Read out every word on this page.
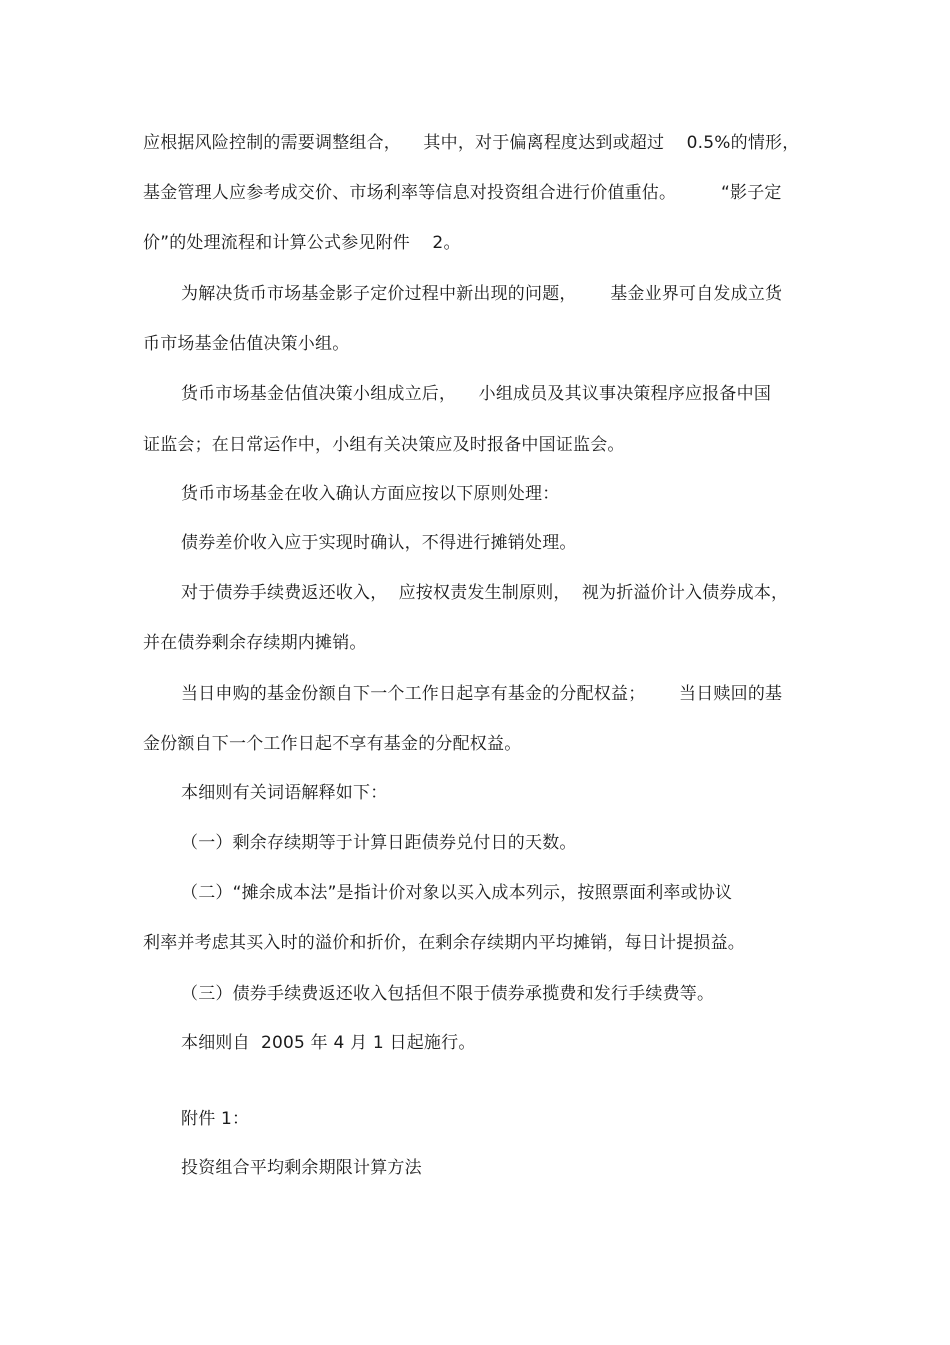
应根据风险控制的需要调整组合，    其中，对于偏离程度达到或超过    0.5%的情形，
基金管理人应参考成交价、市场利率等信息对投资组合进行价值重估。        “影子定
价”的处理流程和计算公式参见附件    2。
为解决货币市场基金影子定价过程中新出现的问题，      基金业界可自发成立货
币市场基金估值决策小组。
货币市场基金估值决策小组成立后，    小组成员及其议事决策程序应报备中国
证监会；在日常运作中，小组有关决策应及时报备中国证监会。
货币市场基金在收入确认方面应按以下原则处理：
债券差价收入应于实现时确认，不得进行摊销处理。
对于债券手续费返还收入，  应按权责发生制原则，  视为折溢价计入债券成本，
并在债券剩余存续期内摊销。
当日申购的基金份额自下一个工作日起享有基金的分配权益；      当日赎回的基
金份额自下一个工作日起不享有基金的分配权益。
本细则有关词语解释如下：
（一）剩余存续期等于计算日距债券兑付日的天数。
（二）“摊余成本法”是指计价对象以买入成本列示，按照票面利率或协议
利率并考虑其买入时的溢价和折价，在剩余存续期内平均摊销，每日计提损益。
（三）债券手续费返还收入包括但不限于债券承揽费和发行手续费等。
本细则自  2005 年 4 月 1 日起施行。
附件 1：
投资组合平均剩余期限计算方法
